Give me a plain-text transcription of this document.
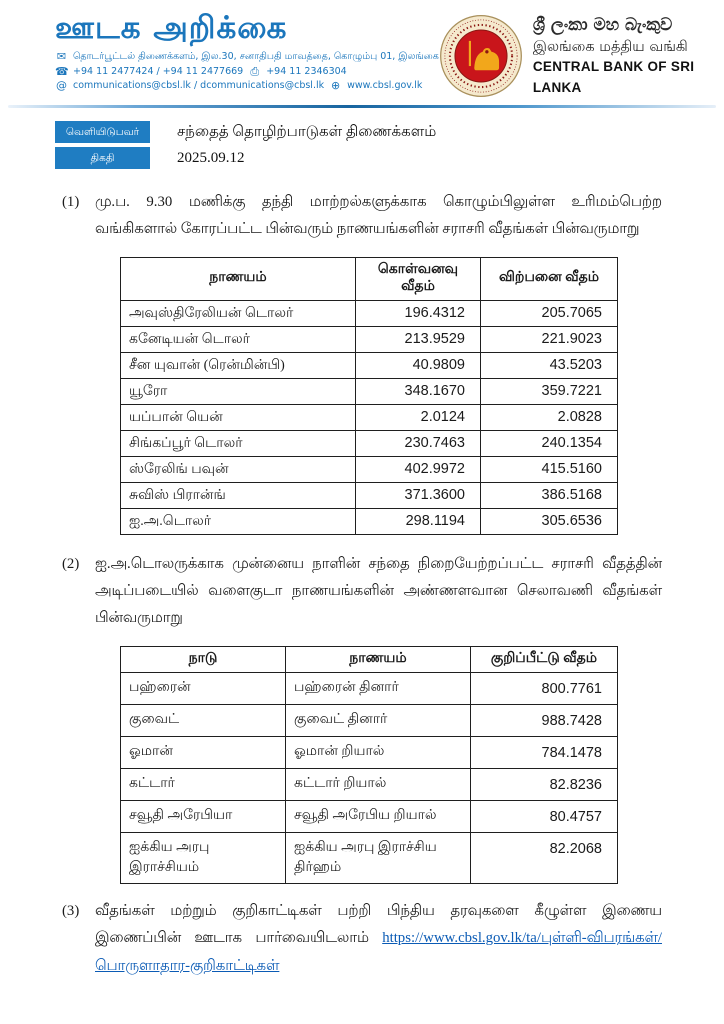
ஊடக அறிக்கை
✉ தொடர்பூட்டல் திணைக்களம், இல.30, சனாதிபதி மாவத்தை, கொழும்பு 01, இலங்கை
☎ +94 11 2477424 / +94 11 2477669 ⎙ +94 11 2346304
@ communications@cbsl.lk / dcommunications@cbsl.lk ⊕ www.cbsl.gov.lk
ශ්‍රී ලංකා මහ බැංකුව
இலங்கை மத்திய வங்கி
CENTRAL BANK OF SRI LANKA
வெளியிடுபவர்	சந்தைத் தொழிற்பாடுகள் திணைக்களம்
திகதி	2025.09.12
(1)	மு.ப. 9.30 மணிக்கு தந்தி மாற்றல்களுக்காக கொழும்பிலுள்ள உரிமம்பெற்ற வங்கிகளால் கோரப்பட்ட பின்வரும் நாணயங்களின் சராசரி வீதங்கள் பின்வருமாறு
நாணயம்	கொள்வனவு வீதம்	விற்பனை வீதம்
அவுஸ்திரேலியன் டொலர்	196.4312	205.7065
கனேடியன் டொலர்	213.9529	221.9023
சீன யுவான் (ரென்மின்பி)	40.9809	43.5203
யூரோ	348.1670	359.7221
யப்பான் யென்	2.0124	2.0828
சிங்கப்பூர் டொலர்	230.7463	240.1354
ஸ்ரேலிங் பவுன்	402.9972	415.5160
சுவிஸ் பிரான்ங்	371.3600	386.5168
ஐ.அ.டொலர்	298.1194	305.6536
(2)	ஐ.அ.டொலருக்காக முன்னைய நாளின் சந்தை நிறையேற்றப்பட்ட சராசரி வீதத்தின் அடிப்படையில் வளைகுடா நாணயங்களின் அண்ணளவான செலாவணி வீதங்கள் பின்வருமாறு
நாடு	நாணயம்	குறிப்பீட்டு வீதம்
பஹ்ரைன்	பஹ்ரைன் தினார்	800.7761
குவைட்	குவைட் தினார்	988.7428
ஓமான்	ஓமான் றியால்	784.1478
கட்டார்	கட்டார் றியால்	82.8236
சவூதி அரேபியா	சவூதி அரேபிய றியால்	80.4757
ஐக்கிய அரபு இராச்சியம்	ஐக்கிய அரபு இராச்சிய திர்ஹம்	82.2068
(3)	வீதங்கள் மற்றும் குறிகாட்டிகள் பற்றி பிந்திய தரவுகளை கீழுள்ள இணைய இணைப்பின் ஊடாக பார்வையிடலாம் https://www.cbsl.gov.lk/ta/புள்ளி-விபரங்கள்/பொருளாதார-குறிகாட்டிகள்
